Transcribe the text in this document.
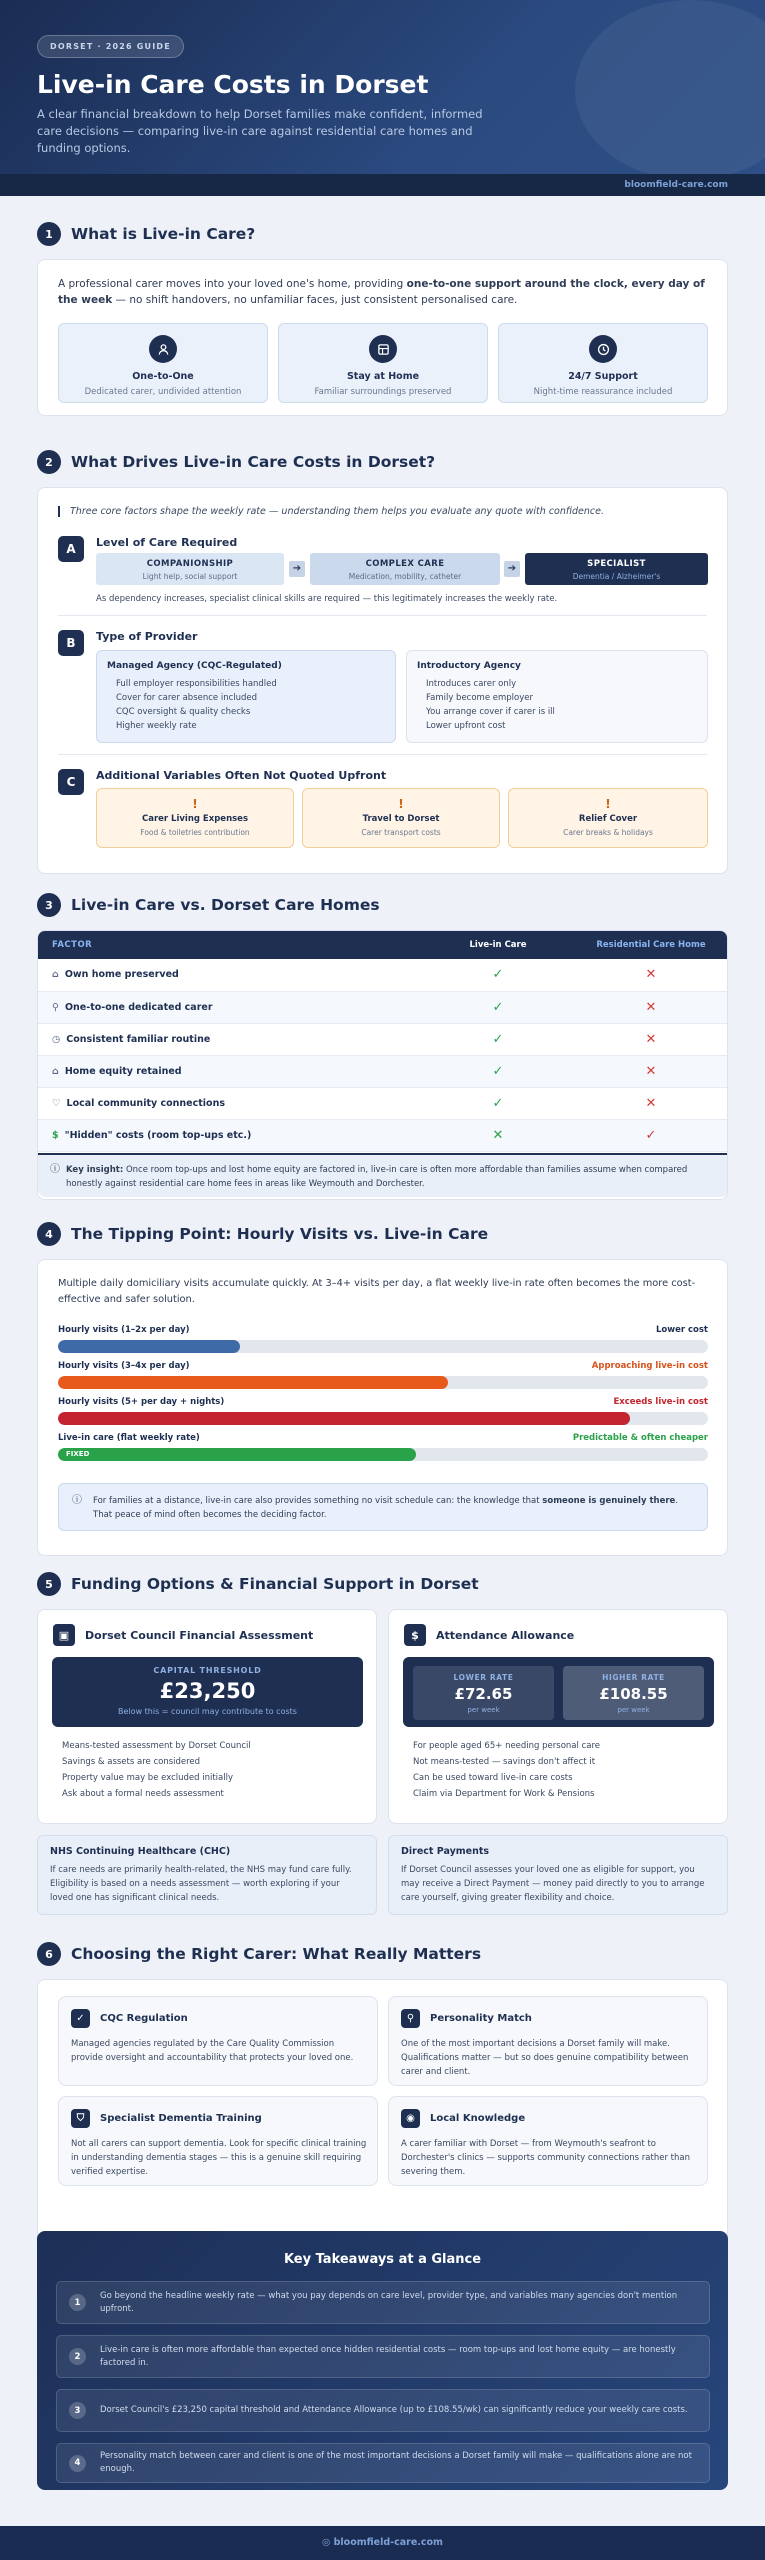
DORSET · 2026 GUIDE
Live-in Care Costs in Dorset
A clear financial breakdown to help Dorset families make confident, informed care decisions — comparing live-in care against residential care homes and funding options.
bloomfield-care.com
1	What is Live-in Care?
A professional carer moves into your loved one's home, providing one-to-one support around the clock, every day of the week — no shift handovers, no unfamiliar faces, just consistent personalised care.
One-to-One
Dedicated carer, undivided attention
Stay at Home
Familiar surroundings preserved
24/7 Support
Night-time reassurance included
2	What Drives Live-in Care Costs in Dorset?
Three core factors shape the weekly rate — understanding them helps you evaluate any quote with confidence.
A	Level of Care Required
COMPANIONSHIP
Light help, social support
➔	COMPLEX CARE
Medication, mobility, catheter
➔	SPECIALIST
Dementia / Alzheimer's
As dependency increases, specialist clinical skills are required — this legitimately increases the weekly rate.
B	Type of Provider
Managed Agency (CQC-Regulated)
Full employer responsibilities handled
Cover for carer absence included
CQC oversight & quality checks
Higher weekly rate
Introductory Agency
Introduces carer only
Family become employer
You arrange cover if carer is ill
Lower upfront cost
C	Additional Variables Often Not Quoted Upfront
!
Carer Living Expenses
Food & toiletries contribution
!
Travel to Dorset
Carer transport costs
!
Relief Cover
Carer breaks & holidays
3	Live-in Care vs. Dorset Care Homes
FACTOR	Live-in Care	Residential Care Home
⌂ Own home preserved	✓	✕
⚲ One-to-one dedicated carer	✓	✕
◷ Consistent familiar routine	✓	✕
⌂ Home equity retained	✓	✕
♡ Local community connections	✓	✕
$ "Hidden" costs (room top-ups etc.)	✕	✓
ⓘ Key insight: Once room top-ups and lost home equity are factored in, live-in care is often more affordable than families assume when compared honestly against residential care home fees in areas like Weymouth and Dorchester.
4	The Tipping Point: Hourly Visits vs. Live-in Care
Multiple daily domiciliary visits accumulate quickly. At 3–4+ visits per day, a flat weekly live-in rate often becomes the more cost-effective and safer solution.
Hourly visits (1–2x per day)	Lower cost
Hourly visits (3–4x per day)	Approaching live-in cost
Hourly visits (5+ per day + nights)	Exceeds live-in cost
Live-in care (flat weekly rate)	Predictable & often cheaper
FIXED
ⓘ For families at a distance, live-in care also provides something no visit schedule can: the knowledge that someone is genuinely there. That peace of mind often becomes the deciding factor.
5	Funding Options & Financial Support in Dorset
▣	Dorset Council Financial Assessment
CAPITAL THRESHOLD
£23,250
Below this = council may contribute to costs
Means-tested assessment by Dorset Council
Savings & assets are considered
Property value may be excluded initially
Ask about a formal needs assessment
$	Attendance Allowance
LOWER RATE
£72.65
per week
HIGHER RATE
£108.55
per week
For people aged 65+ needing personal care
Not means-tested — savings don't affect it
Can be used toward live-in care costs
Claim via Department for Work & Pensions
NHS Continuing Healthcare (CHC)
If care needs are primarily health-related, the NHS may fund care fully. Eligibility is based on a needs assessment — worth exploring if your loved one has significant clinical needs.
Direct Payments
If Dorset Council assesses your loved one as eligible for support, you may receive a Direct Payment — money paid directly to you to arrange care yourself, giving greater flexibility and choice.
6	Choosing the Right Carer: What Really Matters
✓	CQC Regulation
Managed agencies regulated by the Care Quality Commission provide oversight and accountability that protects your loved one.
⚲	Personality Match
One of the most important decisions a Dorset family will make. Qualifications matter — but so does genuine compatibility between carer and client.
⛉	Specialist Dementia Training
Not all carers can support dementia. Look for specific clinical training in understanding dementia stages — this is a genuine skill requiring verified expertise.
◉	Local Knowledge
A carer familiar with Dorset — from Weymouth's seafront to Dorchester's clinics — supports community connections rather than severing them.
Key Takeaways at a Glance
1
Go beyond the headline weekly rate — what you pay depends on care level, provider type, and variables many agencies don't mention upfront.
2
Live-in care is often more affordable than expected once hidden residential costs — room top-ups and lost home equity — are honestly factored in.
3	Dorset Council's £23,250 capital threshold and Attendance Allowance (up to £108.55/wk) can significantly reduce your weekly care costs.
4
Personality match between carer and client is one of the most important decisions a Dorset family will make — qualifications alone are not enough.
◎ bloomfield-care.com
